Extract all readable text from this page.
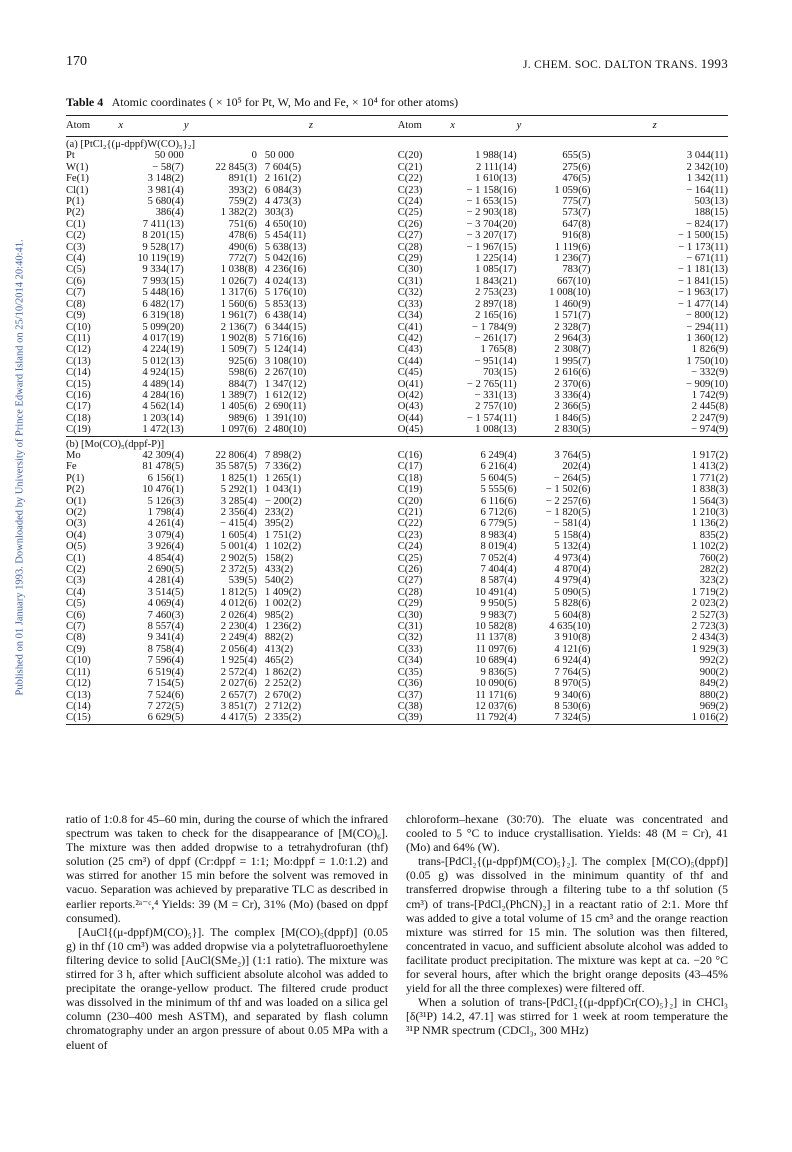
Published on 01 January 1993. Downloaded by University of Prince Edward Island on 25/10/2014 20:40:41.
170	J. CHEM. SOC. DALTON TRANS. 1993
Table 4 Atomic coordinates ( × 10⁵ for Pt, W, Mo and Fe, × 10⁴ for other atoms)
Atom	x	y	z	Atom	x	y	z
(a) [PtCl₂{(μ-dppf)W(CO)₅}₂]							
Pt	50 000	0	50 000	C(20)	1 988(14)	655(5)	3 044(11)
W(1)	− 58(7)	22 845(3)	7 604(5)	C(21)	2 111(14)	275(6)	2 342(10)
Fe(1)	3 148(2)	891(1)	2 161(2)	C(22)	1 610(13)	476(5)	1 342(11)
Cl(1)	3 981(4)	393(2)	6 084(3)	C(23)	− 1 158(16)	1 059(6)	− 164(11)
P(1)	5 680(4)	759(2)	4 473(3)	C(24)	− 1 653(15)	775(7)	503(13)
P(2)	386(4)	1 382(2)	303(3)	C(25)	− 2 903(18)	573(7)	188(15)
C(1)	7 411(13)	751(6)	4 650(10)	C(26)	− 3 704(20)	647(8)	− 824(17)
C(2)	8 201(15)	478(6)	5 454(11)	C(27)	− 3 207(17)	916(8)	− 1 500(15)
C(3)	9 528(17)	490(6)	5 638(13)	C(28)	− 1 967(15)	1 119(6)	− 1 173(11)
C(4)	10 119(19)	772(7)	5 042(16)	C(29)	1 225(14)	1 236(7)	− 671(11)
C(5)	9 334(17)	1 038(8)	4 236(16)	C(30)	1 085(17)	783(7)	− 1 181(13)
C(6)	7 993(15)	1 026(7)	4 024(13)	C(31)	1 843(21)	667(10)	− 1 841(15)
C(7)	5 448(16)	1 317(6)	5 176(10)	C(32)	2 753(23)	1 008(10)	− 1 963(17)
C(8)	6 482(17)	1 560(6)	5 853(13)	C(33)	2 897(18)	1 460(9)	− 1 477(14)
C(9)	6 319(18)	1 961(7)	6 438(14)	C(34)	2 165(16)	1 571(7)	− 800(12)
C(10)	5 099(20)	2 136(7)	6 344(15)	C(41)	− 1 784(9)	2 328(7)	− 294(11)
C(11)	4 017(19)	1 902(8)	5 716(16)	C(42)	− 261(17)	2 964(3)	1 360(12)
C(12)	4 224(19)	1 509(7)	5 124(14)	C(43)	1 765(8)	2 308(7)	1 826(9)
C(13)	5 012(13)	925(6)	3 108(10)	C(44)	− 951(14)	1 995(7)	1 750(10)
C(14)	4 924(15)	598(6)	2 267(10)	C(45)	703(15)	2 616(6)	− 332(9)
C(15)	4 489(14)	884(7)	1 347(12)	O(41)	− 2 765(11)	2 370(6)	− 909(10)
C(16)	4 284(16)	1 389(7)	1 612(12)	O(42)	− 331(13)	3 336(4)	1 742(9)
C(17)	4 562(14)	1 405(6)	2 690(11)	O(43)	2 757(10)	2 366(5)	2 445(8)
C(18)	1 203(14)	989(6)	1 391(10)	O(44)	− 1 574(11)	1 846(5)	2 247(9)
C(19)	1 472(13)	1 097(6)	2 480(10)	O(45)	1 008(13)	2 830(5)	− 974(9)
(b) [Mo(CO)₅(dppf-P)]							
Mo	42 309(4)	22 806(4)	7 898(2)	C(16)	6 249(4)	3 764(5)	1 917(2)
Fe	81 478(5)	35 587(5)	7 336(2)	C(17)	6 216(4)	202(4)	1 413(2)
P(1)	6 156(1)	1 825(1)	1 265(1)	C(18)	5 604(5)	− 264(5)	1 771(2)
P(2)	10 476(1)	5 292(1)	1 043(1)	C(19)	5 555(6)	− 1 502(6)	1 838(3)
O(1)	5 126(3)	3 285(4)	− 200(2)	C(20)	6 116(6)	− 2 257(6)	1 564(3)
O(2)	1 798(4)	2 356(4)	233(2)	C(21)	6 712(6)	− 1 820(5)	1 210(3)
O(3)	4 261(4)	− 415(4)	395(2)	C(22)	6 779(5)	− 581(4)	1 136(2)
O(4)	3 079(4)	1 605(4)	1 751(2)	C(23)	8 983(4)	5 158(4)	835(2)
O(5)	3 926(4)	5 001(4)	1 102(2)	C(24)	8 019(4)	5 132(4)	1 102(2)
C(1)	4 854(4)	2 902(5)	158(2)	C(25)	7 052(4)	4 973(4)	760(2)
C(2)	2 690(5)	2 372(5)	433(2)	C(26)	7 404(4)	4 870(4)	282(2)
C(3)	4 281(4)	539(5)	540(2)	C(27)	8 587(4)	4 979(4)	323(2)
C(4)	3 514(5)	1 812(5)	1 409(2)	C(28)	10 491(4)	5 090(5)	1 719(2)
C(5)	4 069(4)	4 012(6)	1 002(2)	C(29)	9 950(5)	5 828(6)	2 023(2)
C(6)	7 460(3)	2 026(4)	985(2)	C(30)	9 983(7)	5 604(8)	2 527(3)
C(7)	8 557(4)	2 230(4)	1 236(2)	C(31)	10 582(8)	4 635(10)	2 723(3)
C(8)	9 341(4)	2 249(4)	882(2)	C(32)	11 137(8)	3 910(8)	2 434(3)
C(9)	8 758(4)	2 056(4)	413(2)	C(33)	11 097(6)	4 121(6)	1 929(3)
C(10)	7 596(4)	1 925(4)	465(2)	C(34)	10 689(4)	6 924(4)	992(2)
C(11)	6 519(4)	2 572(4)	1 862(2)	C(35)	9 836(5)	7 764(5)	900(2)
C(12)	7 154(5)	2 027(6)	2 252(2)	C(36)	10 090(6)	8 970(5)	849(2)
C(13)	7 524(6)	2 657(7)	2 670(2)	C(37)	11 171(6)	9 340(6)	880(2)
C(14)	7 272(5)	3 851(7)	2 712(2)	C(38)	12 037(6)	8 530(6)	969(2)
C(15)	6 629(5)	4 417(5)	2 335(2)	C(39)	11 792(4)	7 324(5)	1 016(2)

ratio of 1:0.8 for 45–60 min, during the course of which the infrared spectrum was taken to check for the disappearance of [M(CO)₆]. The mixture was then added dropwise to a tetrahydrofuran (thf) solution (25 cm³) of dppf (Cr:dppf = 1:1; Mo:dppf = 1.0:1.2) and was stirred for another 15 min before the solvent was removed in vacuo. Separation was achieved by preparative TLC as described in earlier reports.²ᵃ⁻ᶜ,⁴ Yields: 39 (M = Cr), 31% (Mo) (based on dppf consumed).

[AuCl{(μ-dppf)M(CO)₅}]. The complex [M(CO)₅(dppf)] (0.05 g) in thf (10 cm³) was added dropwise via a polytetrafluoroethylene filtering device to solid [AuCl(SMe₂)] (1:1 ratio). The mixture was stirred for 3 h, after which sufficient absolute alcohol was added to precipitate the orange-yellow product. The filtered crude product was dissolved in the minimum of thf and was loaded on a silica gel column (230–400 mesh ASTM), and separated by flash column chromatography under an argon pressure of about 0.05 MPa with a eluent of

chloroform–hexane (30:70). The eluate was concentrated and cooled to 5 °C to induce crystallisation. Yields: 48 (M = Cr), 41 (Mo) and 64% (W).

trans-[PdCl₂{(μ-dppf)M(CO)₅}₂]. The complex [M(CO)₅(dppf)] (0.05 g) was dissolved in the minimum quantity of thf and transferred dropwise through a filtering tube to a thf solution (5 cm³) of trans-[PdCl₂(PhCN)₂] in a reactant ratio of 2:1. More thf was added to give a total volume of 15 cm³ and the orange reaction mixture was stirred for 15 min. The solution was then filtered, concentrated in vacuo, and sufficient absolute alcohol was added to facilitate product precipitation. The mixture was kept at ca. −20 °C for several hours, after which the bright orange deposits (43–45% yield for all the three complexes) were filtered off.

When a solution of trans-[PdCl₂{(μ-dppf)Cr(CO)₅}₂] in CHCl₃ [δ(³¹P) 14.2, 47.1] was stirred for 1 week at room temperature the ³¹P NMR spectrum (CDCl₃, 300 MHz)
